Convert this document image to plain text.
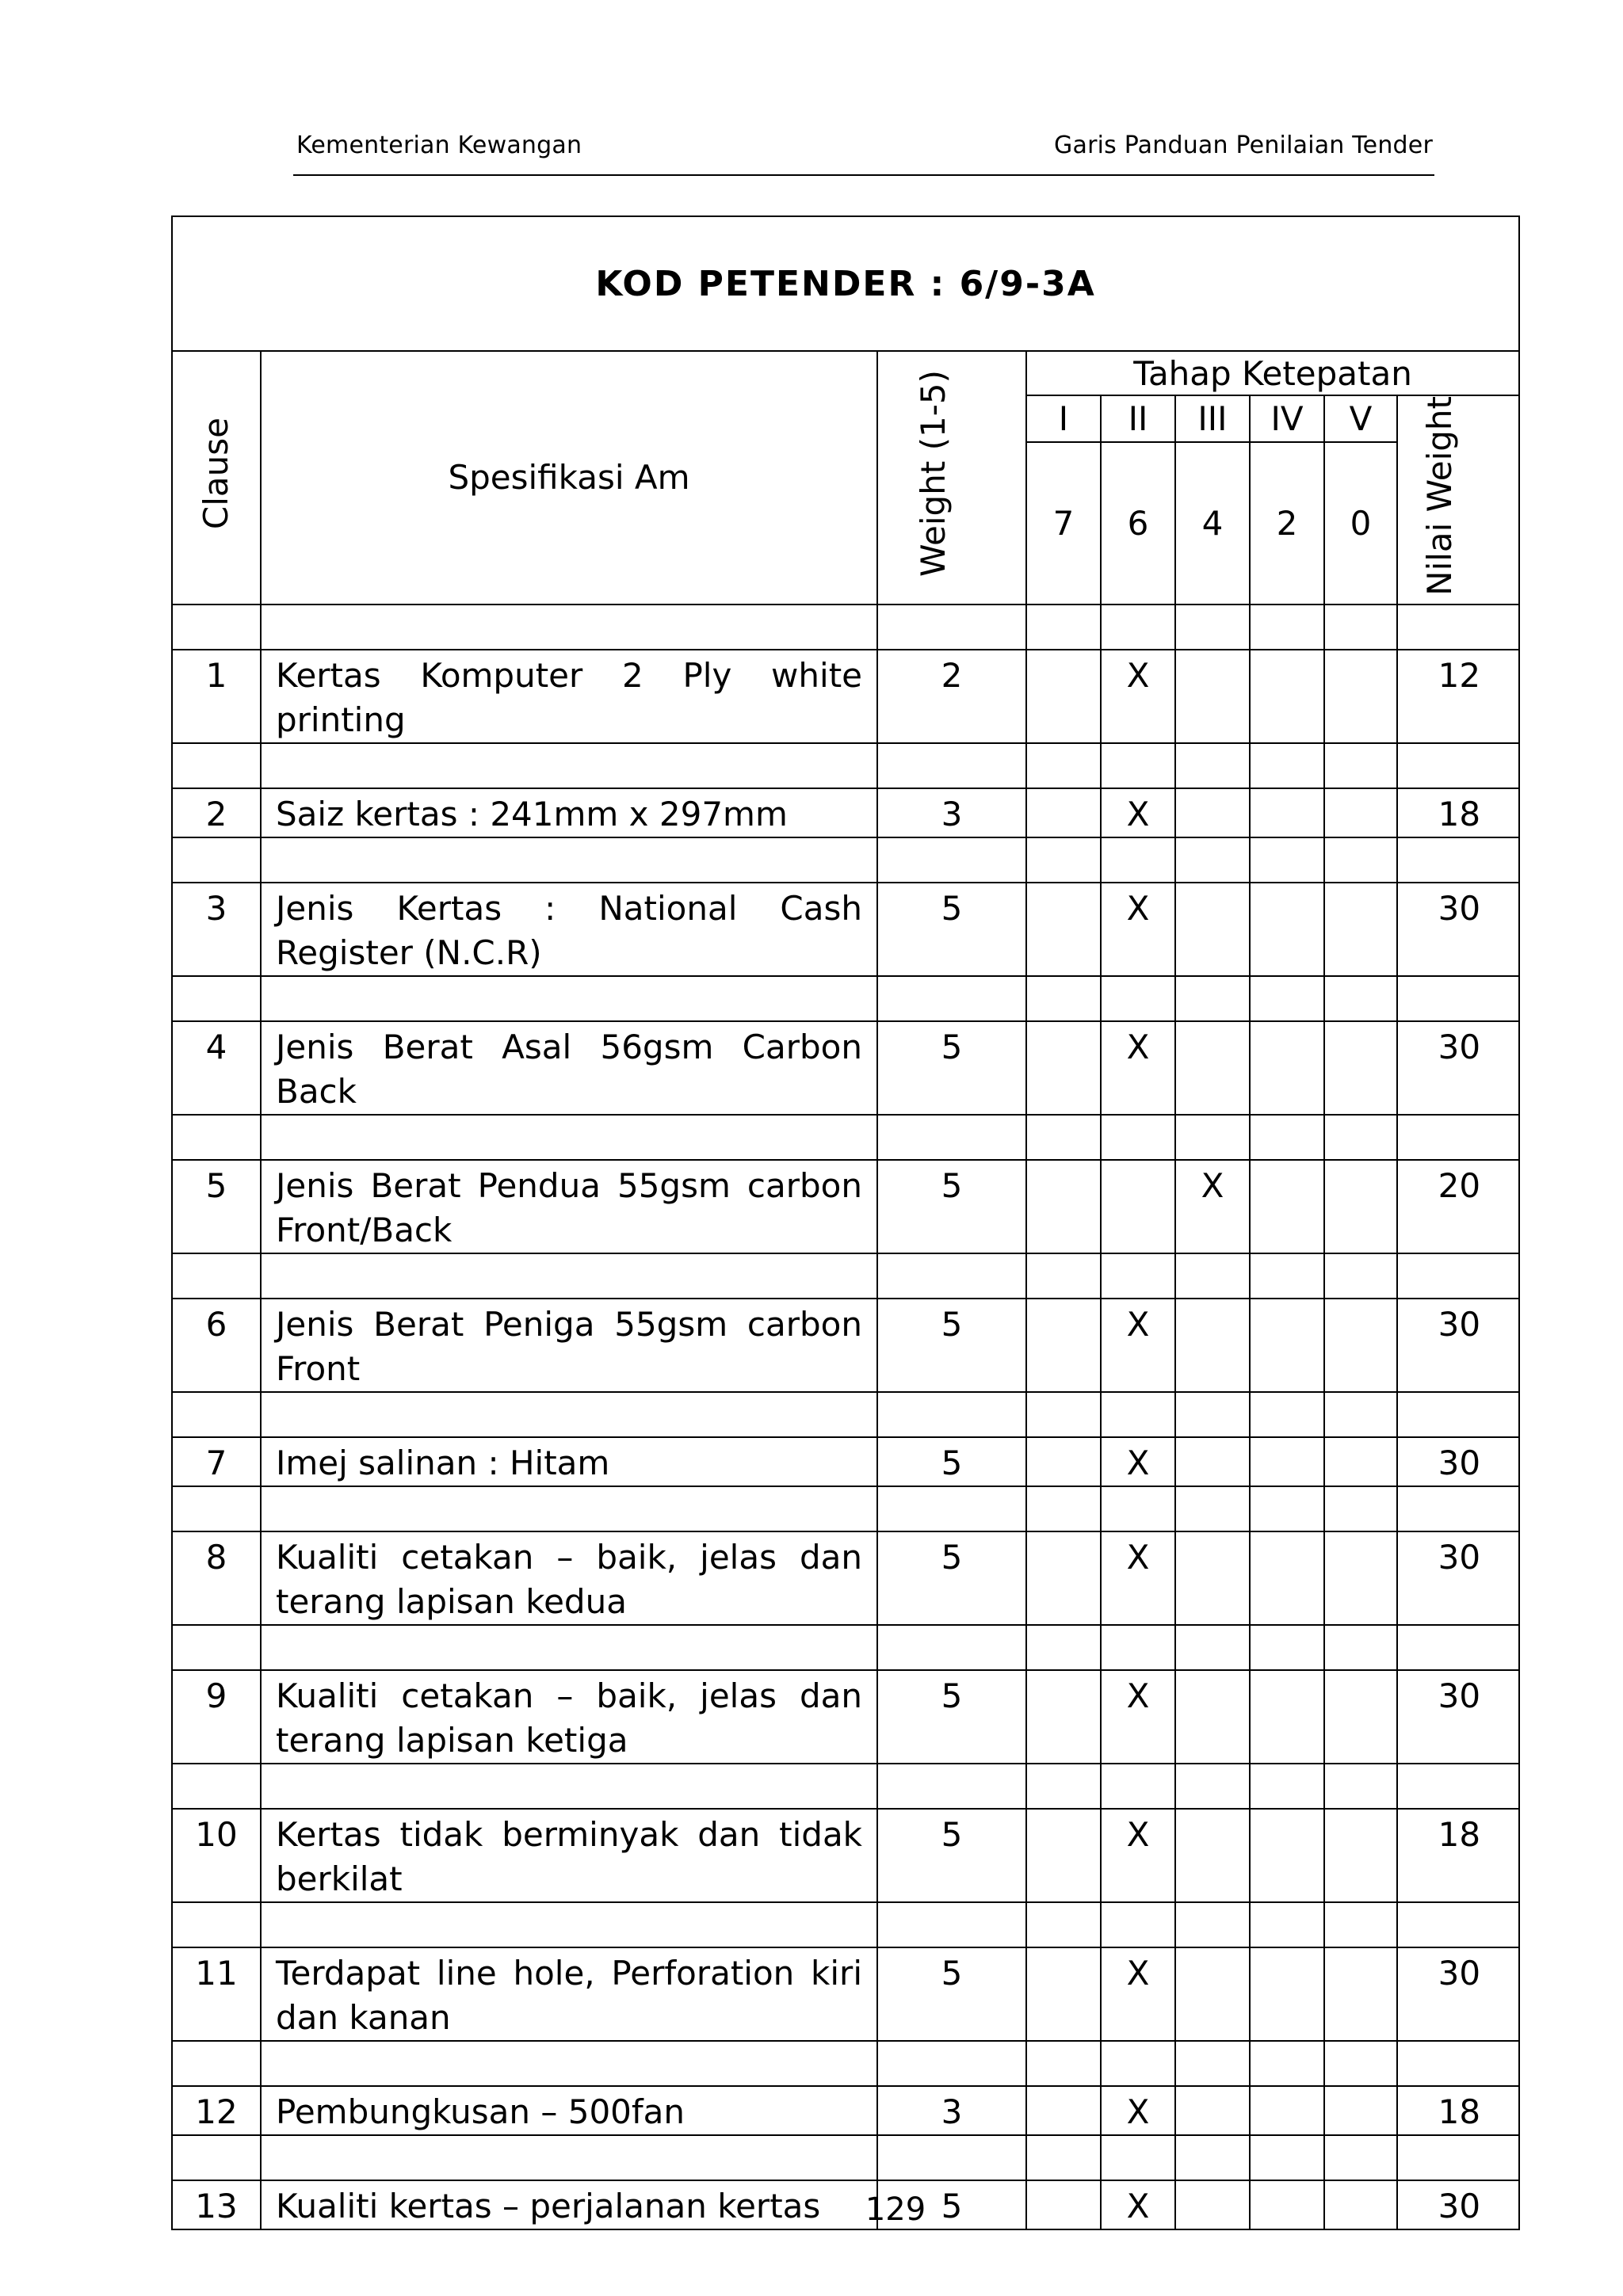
Kementerian Kewangan	Garis Panduan Penilaian Tender
KOD PETENDER : 6/9-3A								
Clause	Spesifikasi Am	Weight (1-5)	Tahap Ketepatan					
			I	II	III	IV	V	Nilai Weight
			7	6	4	2	0	

1	Kertas Komputer 2 Ply white printing	2		X				12

2	Saiz kertas : 241mm x 297mm	3		X				18

3	Jenis Kertas : National Cash Register (N.C.R)	5		X				30

4	Jenis Berat Asal 56gsm Carbon Back	5		X				30

5	Jenis Berat Pendua 55gsm carbon Front/Back	5			X			20

6	Jenis Berat Peniga 55gsm carbon Front	5		X				30

7	Imej salinan : Hitam	5		X				30

8	Kualiti cetakan – baik, jelas dan terang lapisan kedua	5		X				30

9	Kualiti cetakan – baik, jelas dan terang lapisan ketiga	5		X				30

10	Kertas tidak berminyak dan tidak berkilat	5		X				18

11	Terdapat line hole, Perforation kiri dan kanan	5		X				30

12	Pembungkusan – 500fan	3		X				18

13	Kualiti kertas – perjalanan kertas	5		X				30
129
